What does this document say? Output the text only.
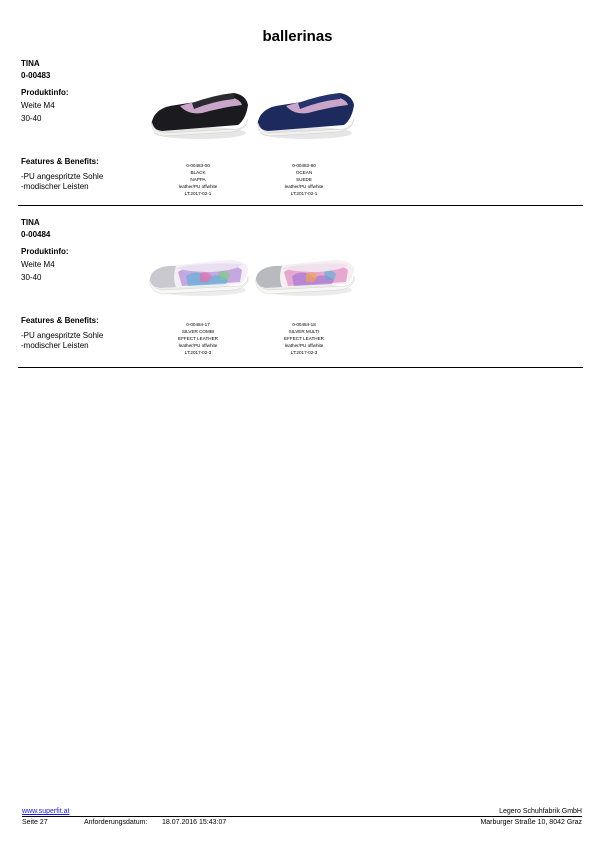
ballerinas
TINA
0-00483
Produktinfo:
Weite M4
30-40
Features & Benefits:
-PU angespritzte Sohle
-modischer Leisten
0-00483-00
BLACK
NAPPA
leather/PU offwhite
LT:2017-02-1
0-00483-80
OCEAN
SUEDE
leather/PU offwhite
LT:2017-02-1
TINA
0-00484
Produktinfo:
Weite M4
30-40
Features & Benefits:
-PU angespritzte Sohle
-modischer Leisten
0-00484-17
SILVER COMBI
EFFECT LEATHER
leather/PU offwhite
LT:2017-02-3
0-00484-18
SILVER MULTI
EFFECT LEATHER
leather/PU offwhite
LT:2017-02-3
www.superfit.at	Legero Schuhfabrik GmbH
Seite 27	Anforderungsdatum: 18.07.2016 15:43:07	Marburger Straße 10, 8042 Graz
